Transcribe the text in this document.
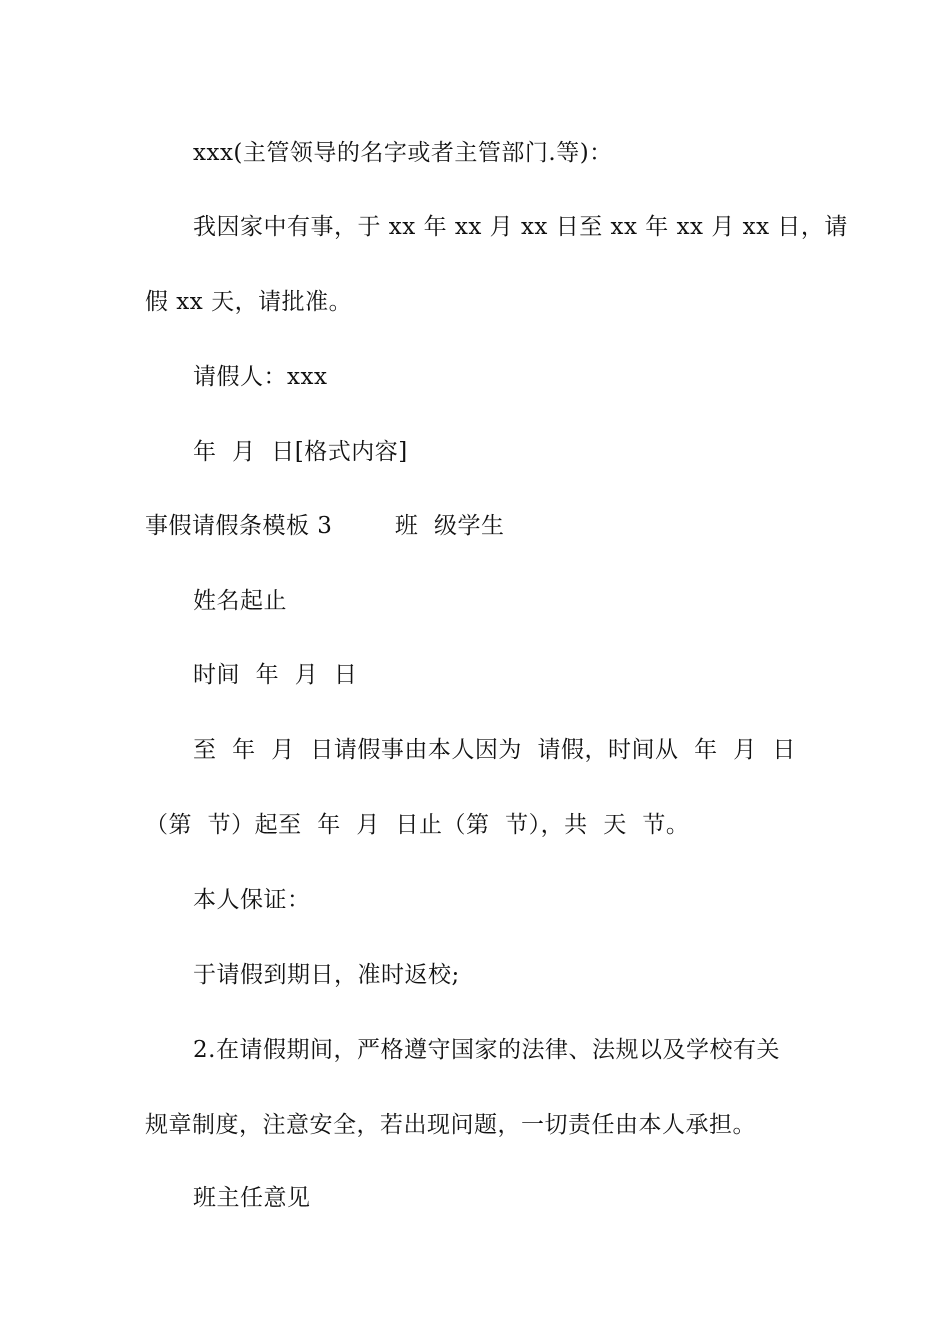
xxx(主管领导的名字或者主管部门.等)：
我因家中有事，于 xx 年 xx 月 xx 日至 xx 年 xx 月 xx 日，请
假 xx 天，请批准。
请假人：xxx
年  月  日[格式内容]
事假请假条模板 3        班  级学生
姓名起止
时间  年  月  日
至  年  月  日请假事由本人因为  请假，时间从  年  月  日
（第  节）起至  年  月  日止（第  节），共  天  节。
本人保证：
于请假到期日，准时返校;
2.在请假期间，严格遵守国家的法律、法规以及学校有关
规章制度，注意安全，若出现问题，一切责任由本人承担。
班主任意见
